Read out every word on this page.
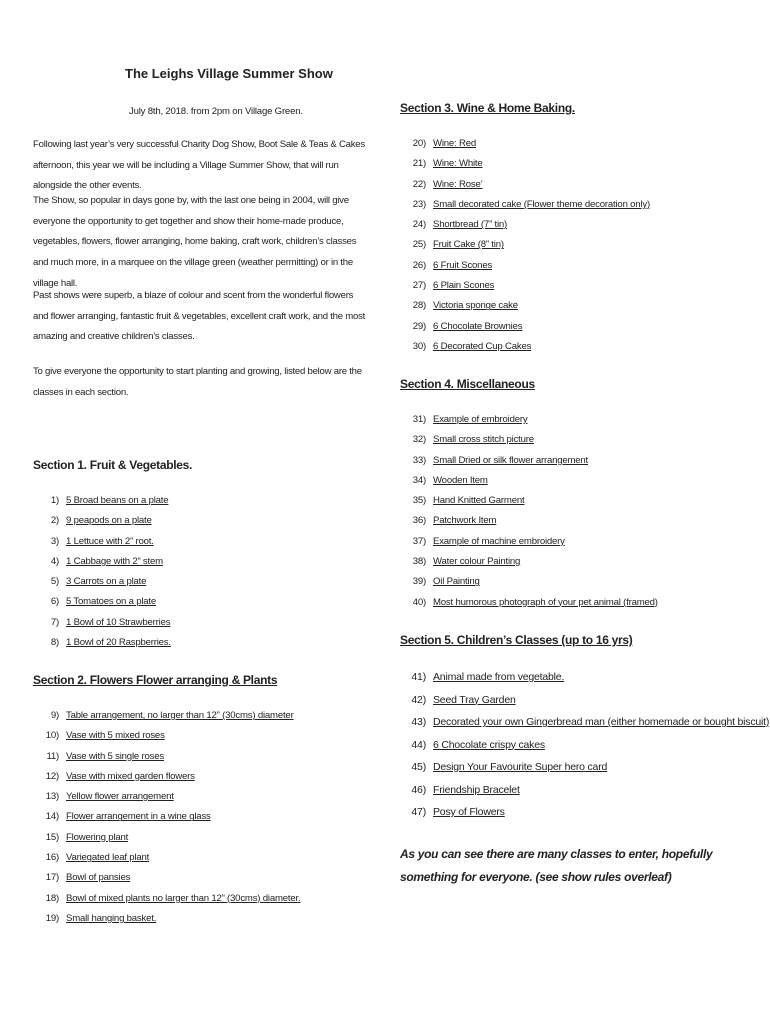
The Leighs Village Summer Show
July 8th, 2018. from 2pm on Village Green.
Following last year’s very successful Charity Dog Show, Boot Sale & Teas & Cakes afternoon, this year we will be including a Village Summer Show, that will run alongside the other events.
The Show, so popular in days gone by, with the last one being in 2004, will give everyone the opportunity to get together and show their home-made produce, vegetables, flowers, flower arranging, home baking, craft work, children’s classes and much more, in a marquee on the village green (weather permitting) or in the village hall.
Past shows were superb, a blaze of colour and scent from the wonderful flowers and flower arranging, fantastic fruit & vegetables, excellent craft work, and the most amazing and creative children’s classes.
To give everyone the opportunity to start planting and growing, listed below are the classes in each section.
Section 1. Fruit & Vegetables.
1) 5 Broad beans on a plate
2) 9 peapods on a plate
3) 1 Lettuce with 2” root.
4) 1 Cabbage with 2” stem
5) 3 Carrots on a plate
6) 5 Tomatoes on a plate
7) 1 Bowl of 10 Strawberries
8) 1 Bowl of 20 Raspberries.
Section 2. Flowers Flower arranging & Plants
9) Table arrangement, no larger than 12” (30cms) diameter
10) Vase with 5 mixed roses
11) Vase with 5 single roses
12) Vase with mixed garden flowers
13) Yellow flower arrangement
14) Flower arrangement in a wine glass
15) Flowering plant
16) Variegated leaf plant
17) Bowl of pansies
18) Bowl of mixed plants no larger than 12” (30cms) diameter.
19) Small hanging basket.
Section 3. Wine & Home Baking.
20) Wine: Red
21) Wine: White
22) Wine: Rose’
23) Small decorated cake (Flower theme decoration only)
24) Shortbread (7” tin)
25) Fruit Cake (8” tin)
26) 6 Fruit Scones
27) 6 Plain Scones
28) Victoria sponge cake
29) 6 Chocolate Brownies
30) 6 Decorated Cup Cakes
Section 4. Miscellaneous
31) Example of embroidery
32) Small cross stitch picture
33) Small Dried or silk flower arrangement
34) Wooden Item
35) Hand Knitted Garment
36) Patchwork Item
37) Example of machine embroidery
38) Water colour Painting
39) Oil Painting
40) Most humorous photograph of your pet animal (framed)
Section 5. Children’s Classes (up to 16 yrs)
41) Animal made from vegetable.
42) Seed Tray Garden
43) Decorated your own Gingerbread man (either homemade or bought biscuit)
44) 6 Chocolate crispy cakes
45) Design Your Favourite Super hero card
46) Friendship Bracelet
47) Posy of Flowers
As you can see there are many classes to enter, hopefully something for everyone. (see show rules overleaf)
